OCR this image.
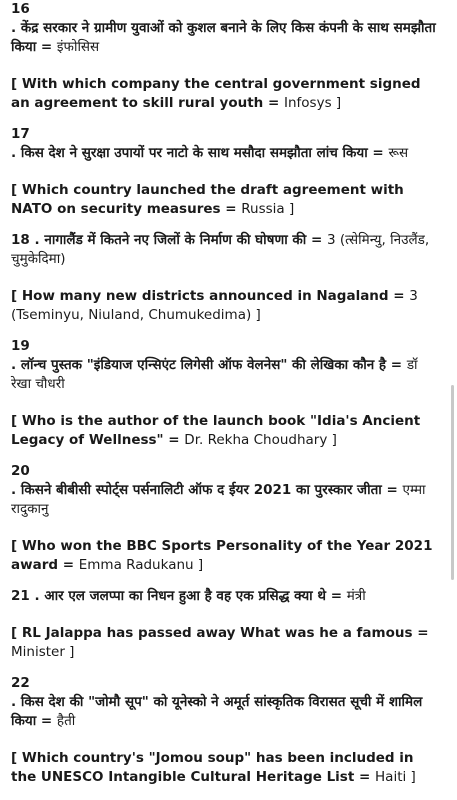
16
. केंद्र सरकार ने ग्रामीण युवाओं को कुशल बनाने के लिए किस कंपनी के साथ समझौता किया = इंफोसिस
[ With which company the central government signed an agreement to skill rural youth = Infosys ]
17
. किस देश ने सुरक्षा उपायों पर नाटो के साथ मसौदा समझौता लांच किया = रूस
[ Which country launched the draft agreement with NATO on security measures = Russia ]
18 . नागालैंड में कितने नए जिलों के निर्माण की घोषणा की = 3 (त्सेमिन्यु, निउलैंड, चुमुकेदिमा)
[ How many new districts announced in Nagaland = 3 (Tseminyu, Niuland, Chumukedima) ]
19
. लॉन्च पुस्तक "इंडियाज एन्सिएंट लिगेसी ऑफ वेलनेस" की लेखिका कौन है = डॉ रेखा चौधरी
[ Who is the author of the launch book "Idia's Ancient Legacy of Wellness" = Dr. Rekha Choudhary ]
20
. किसने बीबीसी स्पोर्ट्स पर्सनालिटी ऑफ द ईयर 2021 का पुरस्कार जीता = एम्मा रादुकानु
[ Who won the BBC Sports Personality of the Year 2021 award = Emma Radukanu ]
21 . आर एल जलप्पा का निधन हुआ है वह एक प्रसिद्ध क्या थे = मंत्री
[ RL Jalappa has passed away What was he a famous = Minister ]
22
. किस देश की "जोमौ सूप" को यूनेस्को ने अमूर्त सांस्कृतिक विरासत सूची में शामिल किया = हैती
[ Which country's "Jomou soup" has been included in the UNESCO Intangible Cultural Heritage List = Haiti ]
